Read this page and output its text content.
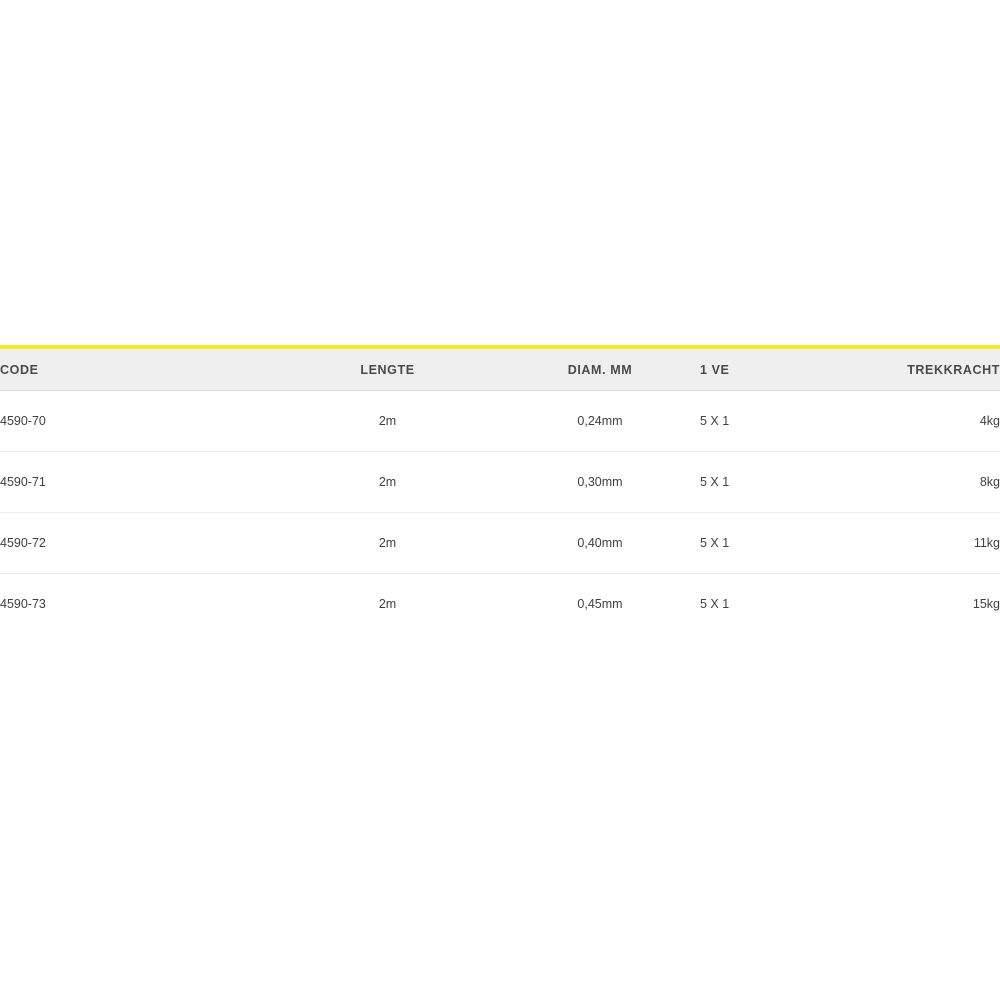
CODE	LENGTE	DIAM. MM	1 VE	TREKKRACHT
4590-70	2m	0,24mm	5 X 1	4kg
4590-71	2m	0,30mm	5 X 1	8kg
4590-72	2m	0,40mm	5 X 1	11kg
4590-73	2m	0,45mm	5 X 1	15kg
